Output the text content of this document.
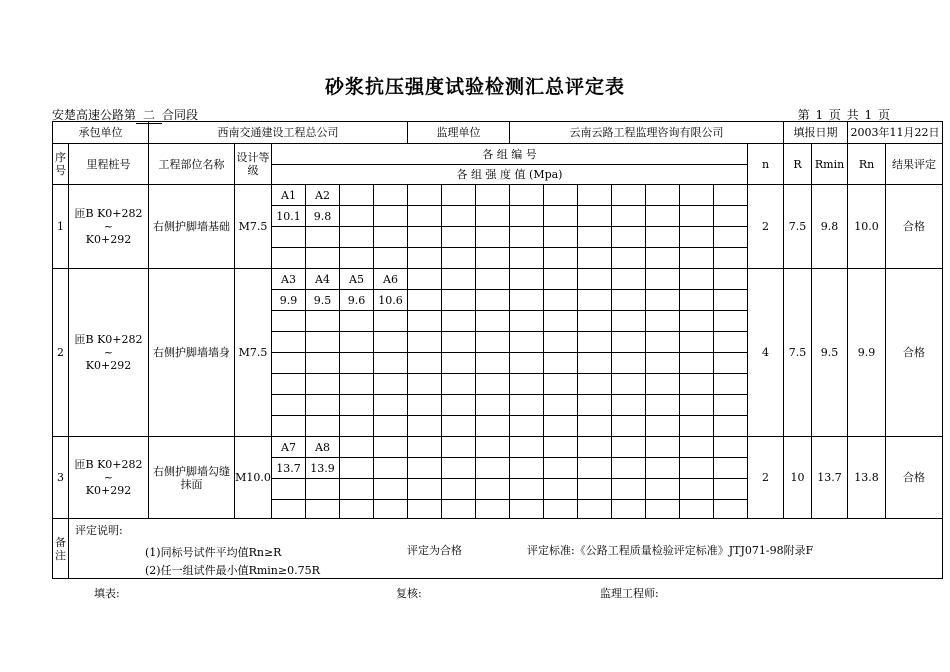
砂浆抗压强度试验检测汇总评定表
安楚高速公路第 二 合同段	第 1 页 共 1 页
承包单位		西南交通建设工程总公司						监理单位			云南云路工程监理咨询有限公司								填报日期		2003年11月22日	
序号	里程桩号	工程部位名称	设计等级	各 组 编 号														n	R	Rmin	Rn	结果评定
				各 组 强 度 值 (Mpa)																		
1	匝B K0+282
~
K0+292	右侧护脚墙基础	M7.5	A1	A2													2	7.5	9.8	10.0	合格
				10.1	9.8																	

2	匝B K0+282
~
K0+292	右侧护脚墙墙身	M7.5	A3	A4	A5	A6											4	7.5	9.5	9.9	合格
				9.9	9.5	9.6	10.6															

3	匝B K0+282
~
K0+292	右侧护脚墙勾缝抹面	M10.0	A7	A8													2	10	13.7	13.8	合格
				13.7	13.9																	

备注	评定说明:
(1)同标号试件平均值Rn≥R
(2)任一组试件最小值Rmin≥0.75R
评定为合格 评定标准:《公路工程质量检验评定标准》JTJ071-98附录F																					
填表:	复核:	监理工程师:
